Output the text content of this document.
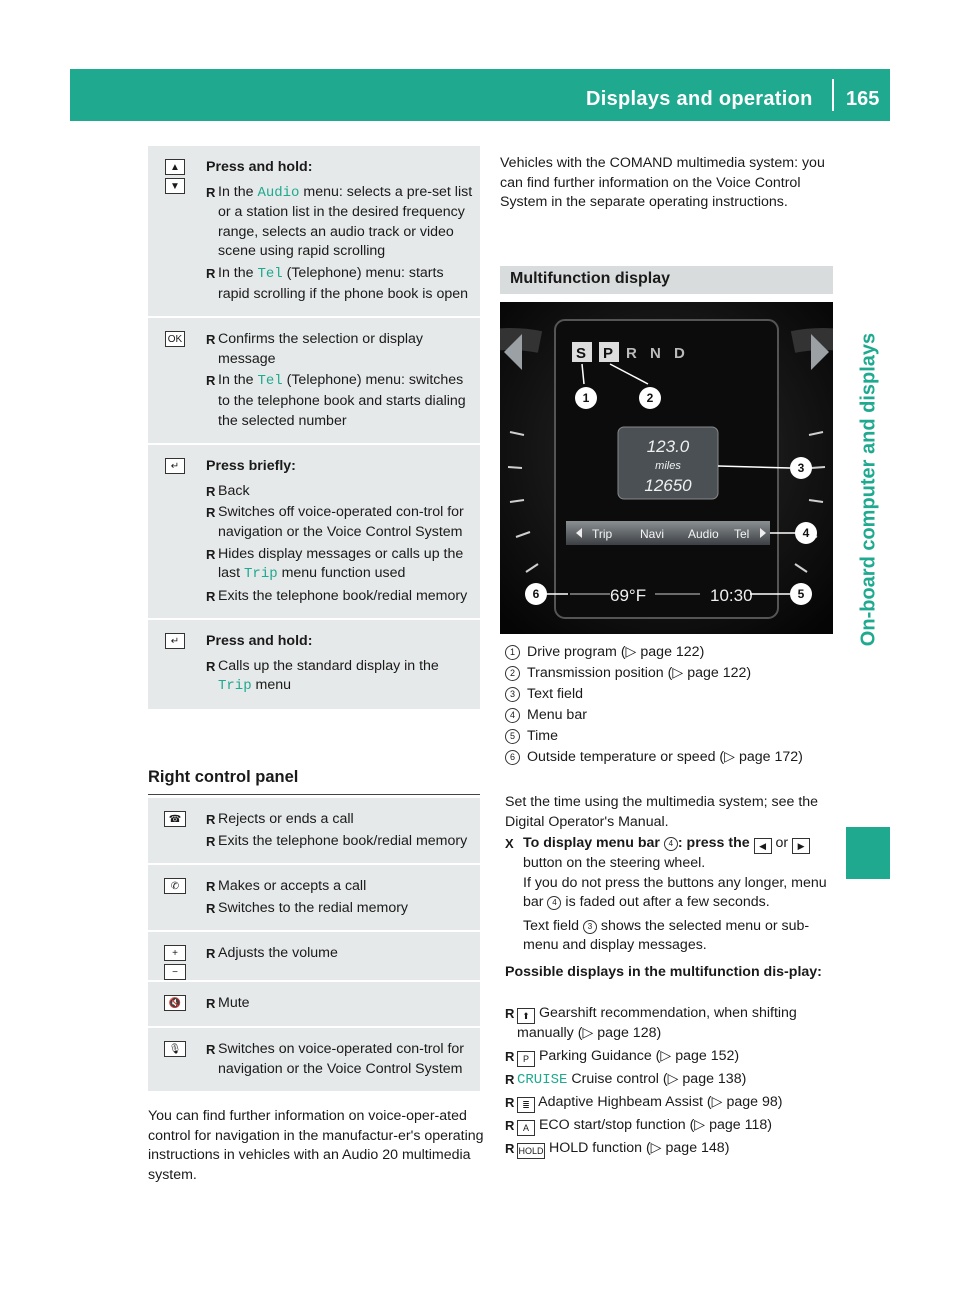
Displays and operation 165
On-board computer and displays
▲
▼
Press and hold:
R In the Audio menu: selects a pre-set list or a station list in the desired frequency range, selects an audio track or video scene using rapid scrolling
R In the Tel (Telephone) menu: starts rapid scrolling if the phone book is open
OK	R Confirms the selection or display message
R In the Tel (Telephone) menu: switches to the telephone book and starts dialing the selected number
↵	Press briefly:
R Back
R Switches off voice-operated con-trol for navigation or the Voice Control System
R Hides display messages or calls up the last Trip menu function used
R Exits the telephone book/redial memory
↵	Press and hold:
R Calls up the standard display in the Trip menu
Right control panel
☎	R Rejects or ends a call
R Exits the telephone book/redial memory
✆	R Makes or accepts a call
R Switches to the redial memory
+
−
R Adjusts the volume
🔇	R Mute
🎙	R Switches on voice-operated con-trol for navigation or the Voice Control System
You can find further information on voice-oper-ated control for navigation in the manufactur-er's operating instructions in vehicles with an Audio 20 multimedia system.
Vehicles with the COMAND multimedia system: you can find further information on the Voice Control System in the separate operating instructions.
Multifunction display
S P R N D
123.0
miles
12650
Trip Navi Audio Tel
69°F	10:30
1	2
3
4
5
6
1 Drive program (▷ page 122)
2 Transmission position (▷ page 122)
3 Text field
4 Menu bar
5 Time
6 Outside temperature or speed (▷ page 172)
Set the time using the multimedia system; see the Digital Operator's Manual.
X To display menu bar 4 : press the ◀ or ▶ button on the steering wheel.
If you do not press the buttons any longer, menu bar 4 is faded out after a few seconds.
Text field 3 shows the selected menu or sub-menu and display messages.
Possible displays in the multifunction dis-play:
R ⬆ Gearshift recommendation, when shifting manually (▷ page 128)
R P Parking Guidance (▷ page 152)
R CRUISE Cruise control (▷ page 138)
R ≣ Adaptive Highbeam Assist (▷ page 98)
R A ECO start/stop function (▷ page 118)
R HOLD HOLD function (▷ page 148)
